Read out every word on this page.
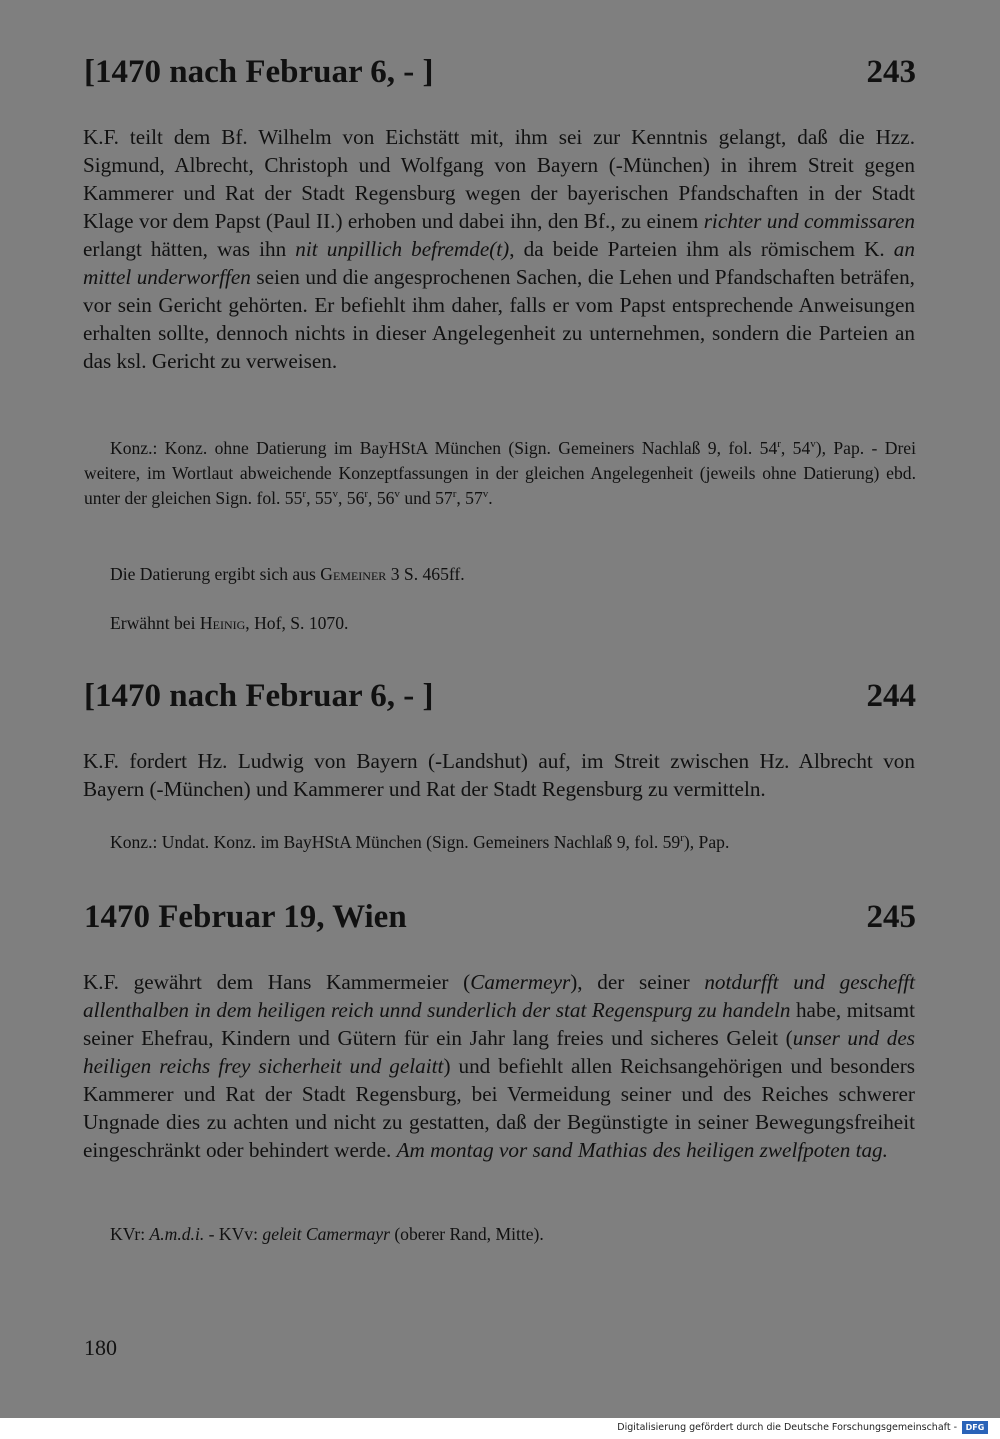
[1470 nach Februar 6, - ]	243
K.F. teilt dem Bf. Wilhelm von Eichstätt mit, ihm sei zur Kenntnis gelangt, daß die Hzz. Sigmund, Albrecht, Christoph und Wolfgang von Bayern (-München) in ihrem Streit gegen Kammerer und Rat der Stadt Regensburg wegen der bayerischen Pfandschaften in der Stadt Klage vor dem Papst (Paul II.) erhoben und dabei ihn, den Bf., zu einem richter und commissaren erlangt hätten, was ihn nit unpillich befremde(t), da beide Parteien ihm als römischem K. an mittel underworffen seien und die angesprochenen Sachen, die Lehen und Pfandschaften beträfen, vor sein Gericht gehörten. Er befiehlt ihm daher, falls er vom Papst entsprechende Anweisungen erhalten sollte, dennoch nichts in dieser Angelegenheit zu unternehmen, sondern die Parteien an das ksl. Gericht zu verweisen.
Konz.: Konz. ohne Datierung im BayHStA München (Sign. Gemeiners Nachlaß 9, fol. 54$^r$, 54$^v$), Pap. - Drei weitere, im Wortlaut abweichende Konzeptfassungen in der gleichen Angelegenheit (jeweils ohne Datierung) ebd. unter der gleichen Sign. fol. 55$^r$, 55$^v$, 56$^r$, 56$^v$ und 57$^r$, 57$^v$.
Die Datierung ergibt sich aus Gemeiner 3 S. 465ff.
Erwähnt bei Heinig, Hof, S. 1070.
[1470 nach Februar 6, - ]	244
K.F. fordert Hz. Ludwig von Bayern (-Landshut) auf, im Streit zwischen Hz. Albrecht von Bayern (-München) und Kammerer und Rat der Stadt Regensburg zu vermitteln.
Konz.: Undat. Konz. im BayHStA München (Sign. Gemeiners Nachlaß 9, fol. 59$^r$), Pap.
1470 Februar 19, Wien	245
K.F. gewährt dem Hans Kammermeier (Camermeyr), der seiner notdurfft und geschefft allenthalben in dem heiligen reich unnd sunderlich der stat Regenspurg zu handeln habe, mitsamt seiner Ehefrau, Kindern und Gütern für ein Jahr lang freies und sicheres Geleit (unser und des heiligen reichs frey sicherheit und gelaitt) und befiehlt allen Reichsangehörigen und besonders Kammerer und Rat der Stadt Regensburg, bei Vermeidung seiner und des Reiches schwerer Ungnade dies zu achten und nicht zu gestatten, daß der Begünstigte in seiner Bewegungsfreiheit eingeschränkt oder behindert werde. Am montag vor sand Mathias des heiligen zwelfpoten tag.
KVr: A.m.d.i. - KVv: geleit Camermayr (oberer Rand, Mitte).
180
Digitalisierung gefördert durch die Deutsche Forschungsgemeinschaft -	DFG
